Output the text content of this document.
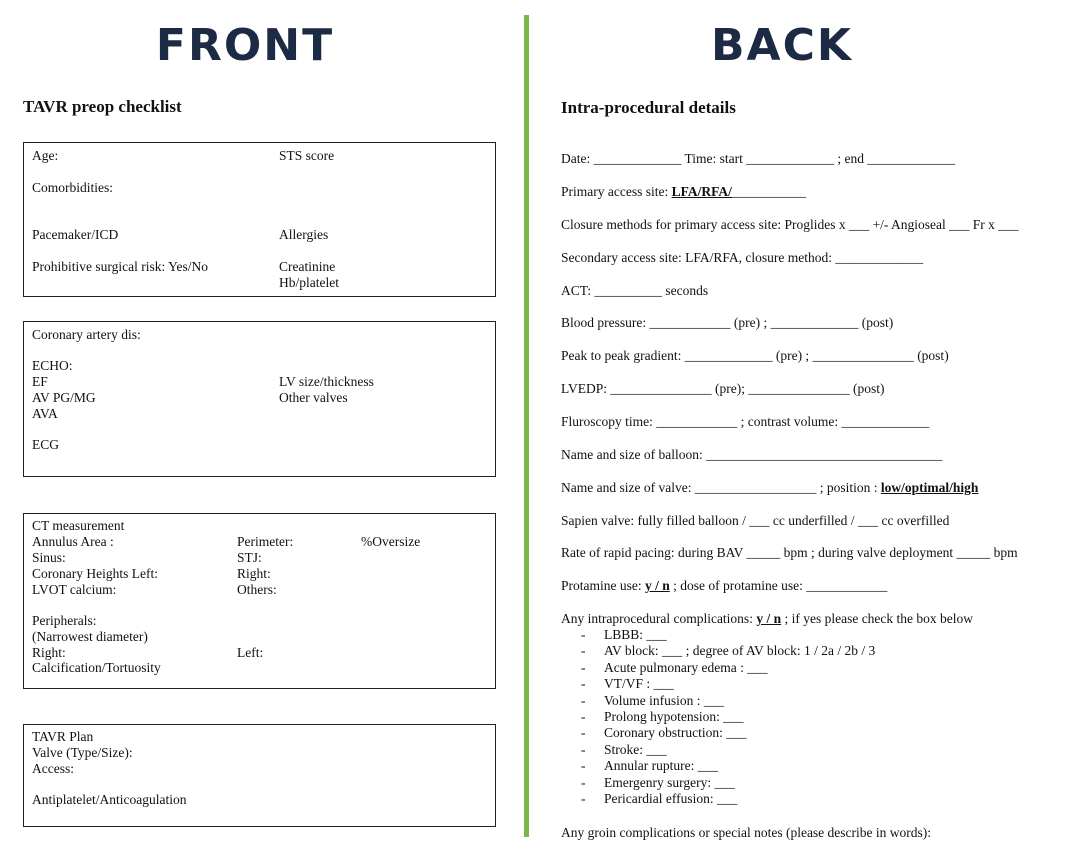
FRONT	BACK
TAVR preop checklist
Age:	STS score
Comorbidities:
Pacemaker/ICD	Allergies
Prohibitive surgical risk: Yes/No	Creatinine
Hb/platelet
Coronary artery dis:
ECHO:
EF	LV size/thickness
AV PG/MG	Other valves
AVA
ECG
CT measurement
Annulus Area :	Perimeter:	%Oversize
Sinus:	STJ:
Coronary Heights Left:	Right:
LVOT calcium:	Others:
Peripherals:
(Narrowest diameter)
Right:	Left:
Calcification/Tortuosity
TAVR Plan
Valve (Type/Size):
Access:
Antiplatelet/Anticoagulation
Intra-procedural details
Date: _____________ Time: start _____________ ; end _____________
Primary access site: LFA/RFA/___________
Closure methods for primary access site: Proglides x ___ +/- Angioseal ___ Fr x ___
Secondary access site: LFA/RFA, closure method: _____________
ACT: __________ seconds
Blood pressure: ____________ (pre) ; _____________ (post)
Peak to peak gradient: _____________ (pre) ; _______________ (post)
LVEDP: _______________ (pre); _______________ (post)
Fluroscopy time: ____________ ; contrast volume: _____________
Name and size of balloon: ___________________________________
Name and size of valve: __________________ ; position : low/optimal/high
Sapien valve: fully filled balloon / ___ cc underfilled / ___ cc overfilled
Rate of rapid pacing: during BAV _____ bpm ; during valve deployment _____ bpm
Protamine use: y / n ; dose of protamine use: ____________
Any intraprocedural complications: y / n ; if yes please check the box below
- LBBB: ___
- AV block: ___ ; degree of AV block: 1 / 2a / 2b / 3
- Acute pulmonary edema : ___
- VT/VF : ___
- Volume infusion : ___
- Prolong hypotension: ___
- Coronary obstruction: ___
- Stroke: ___
- Annular rupture: ___
- Emergenry surgery: ___
- Pericardial effusion: ___
Any groin complications or special notes (please describe in words):
